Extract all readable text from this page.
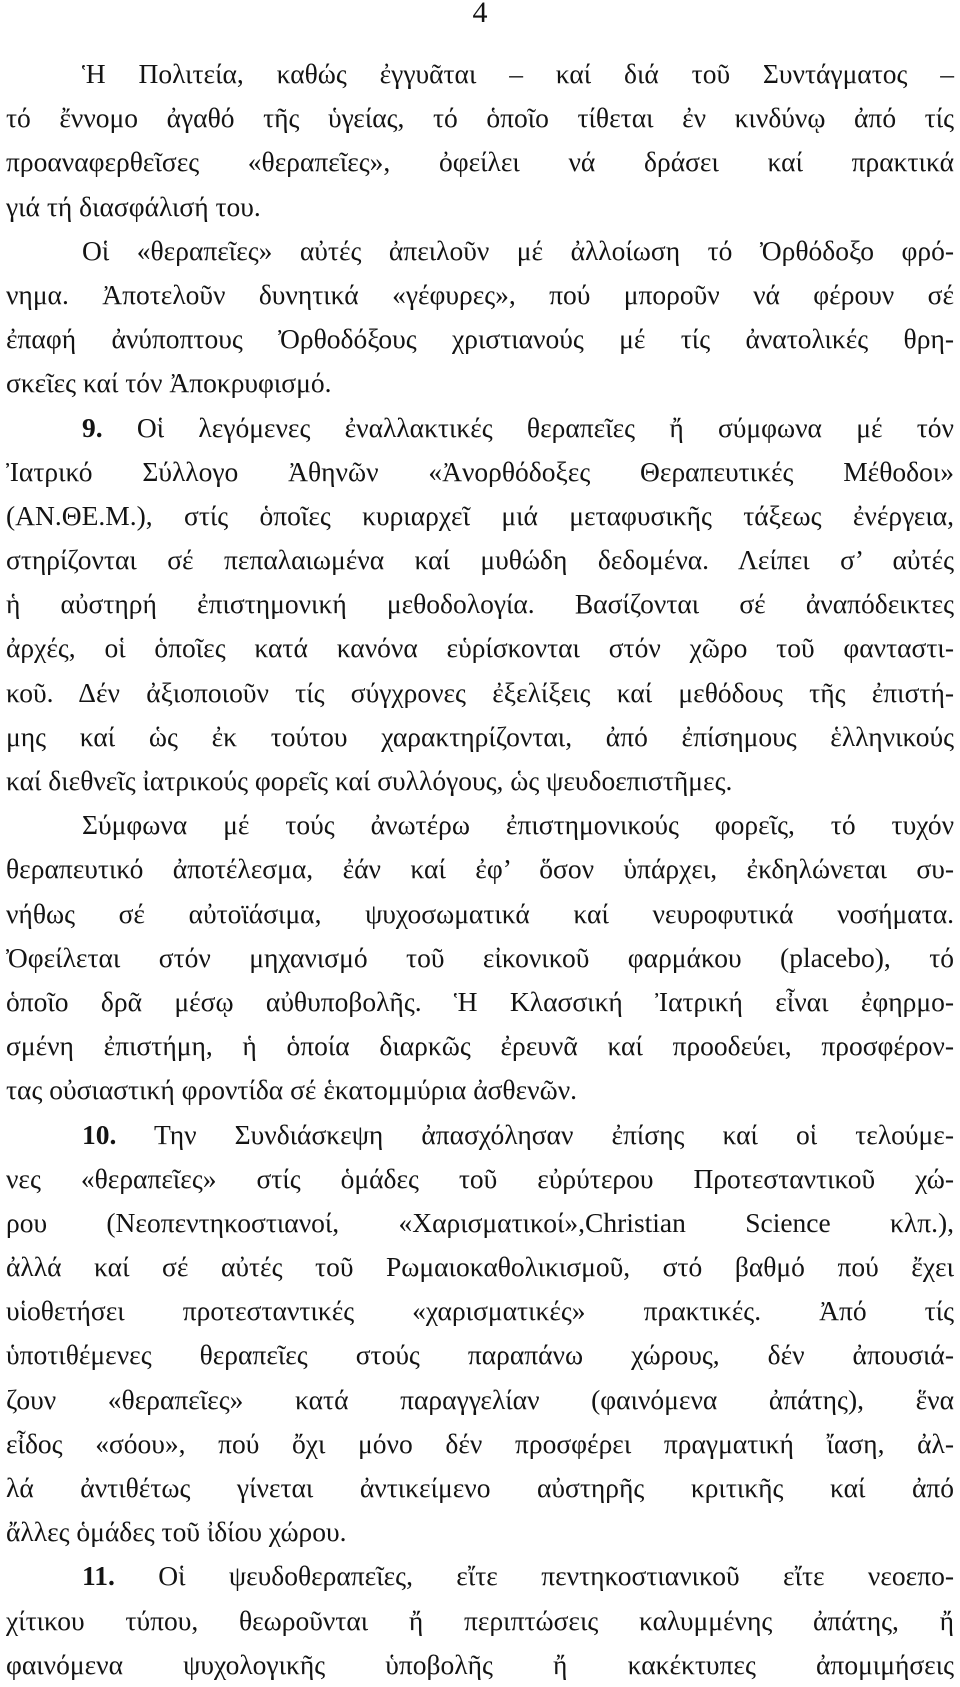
4
Ἡ Πολιτεία, καθώς ἐγγυᾶται – καί διά τοῦ Συντάγματος –
τό ἔννομο ἀγαθό τῆς ὑγείας, τό ὁποῖο τίθεται ἐν κινδύνῳ ἀπό τίς
προαναφερθεῖσες «θεραπεῖες», ὀφείλει νά δράσει καί πρακτικά
γιά τή διασφάλισή του.
Οἱ «θεραπεῖες» αὐτές ἀπειλοῦν μέ ἀλλοίωση τό Ὀρθόδοξο φρό-
νημα. Ἀποτελοῦν δυνητικά «γέφυρες», πού μποροῦν νά φέρουν σέ
ἐπαφή ἀνύποπτους Ὀρθοδόξους χριστιανούς μέ τίς ἀνατολικές θρη-
σκεῖες καί τόν Ἀποκρυφισμό.
9. Οἱ λεγόμενες ἐναλλακτικές θεραπεῖες ἤ σύμφωνα μέ τόν
Ἰατρικό Σύλλογο Ἀθηνῶν «Ἀνορθόδοξες Θεραπευτικές Μέθοδοι»
(ΑΝ.ΘΕ.Μ.), στίς ὁποῖες κυριαρχεῖ μιά μεταφυσικῆς τάξεως ἐνέργεια,
στηρίζονται σέ πεπαλαιωμένα καί μυθώδη δεδομένα. Λείπει σ’ αὐτές
ἡ αὐστηρή ἐπιστημονική μεθοδολογία. Βασίζονται σέ ἀναπόδεικτες
ἀρχές, οἱ ὁποῖες κατά κανόνα εὑρίσκονται στόν χῶρο τοῦ φανταστι-
κοῦ. Δέν ἀξιοποιοῦν τίς σύγχρονες ἐξελίξεις καί μεθόδους τῆς ἐπιστή-
μης καί ὡς ἐκ τούτου χαρακτηρίζονται, ἀπό ἐπίσημους ἑλληνικούς
καί διεθνεῖς ἰατρικούς φορεῖς καί συλλόγους, ὡς ψευδοεπιστῆμες.
Σύμφωνα μέ τούς ἀνωτέρω ἐπιστημονικούς φορεῖς, τό τυχόν
θεραπευτικό ἀποτέλεσμα, ἐάν καί ἐφ’ ὅσον ὑπάρχει, ἐκδηλώνεται συ-
νήθως σέ αὐτοϊάσιμα, ψυχοσωματικά καί νευροφυτικά νοσήματα.
Ὀφείλεται στόν μηχανισμό τοῦ εἰκονικοῦ φαρμάκου (placebo), τό
ὁποῖο δρᾶ μέσῳ αὐθυποβολῆς. Ἡ Κλασσική Ἰατρική εἶναι ἐφηρμο-
σμένη ἐπιστήμη, ἡ ὁποία διαρκῶς ἐρευνᾶ καί προοδεύει, προσφέρον-
τας οὐσιαστική φροντίδα σέ ἑκατομμύρια ἀσθενῶν.
10. Την Συνδιάσκεψη ἀπασχόλησαν ἐπίσης καί οἱ τελούμε-
νες «θεραπεῖες» στίς ὁμάδες τοῦ εὐρύτερου Προτεσταντικοῦ χώ-
ρου (Νεοπεντηκοστιανοί, «Χαρισματικοί»,Christian Science κλπ.),
ἀλλά καί σέ αὐτές τοῦ Ρωμαιοκαθολικισμοῦ, στό βαθμό πού ἔχει
υἱοθετήσει προτεσταντικές «χαρισματικές» πρακτικές. Ἀπό τίς
ὑποτιθέμενες θεραπεῖες στούς παραπάνω χώρους, δέν ἀπουσιά-
ζουν «θεραπεῖες» κατά παραγγελίαν (φαινόμενα ἀπάτης), ἕνα
εἶδος «σόου», πού ὄχι μόνο δέν προσφέρει πραγματική ἴαση, ἀλ-
λά ἀντιθέτως γίνεται ἀντικείμενο αὐστηρῆς κριτικῆς καί ἀπό
ἄλλες ὁμάδες τοῦ ἰδίου χώρου.
11. Οἱ ψευδοθεραπεῖες, εἴτε πεντηκοστιανικοῦ εἴτε νεοεπο-
χίτικου τύπου, θεωροῦνται ἤ περιπτώσεις καλυμμένης ἀπάτης, ἤ
φαινόμενα ψυχολογικῆς ὑποβολῆς ἤ κακέκτυπες ἀπομιμήσεις
